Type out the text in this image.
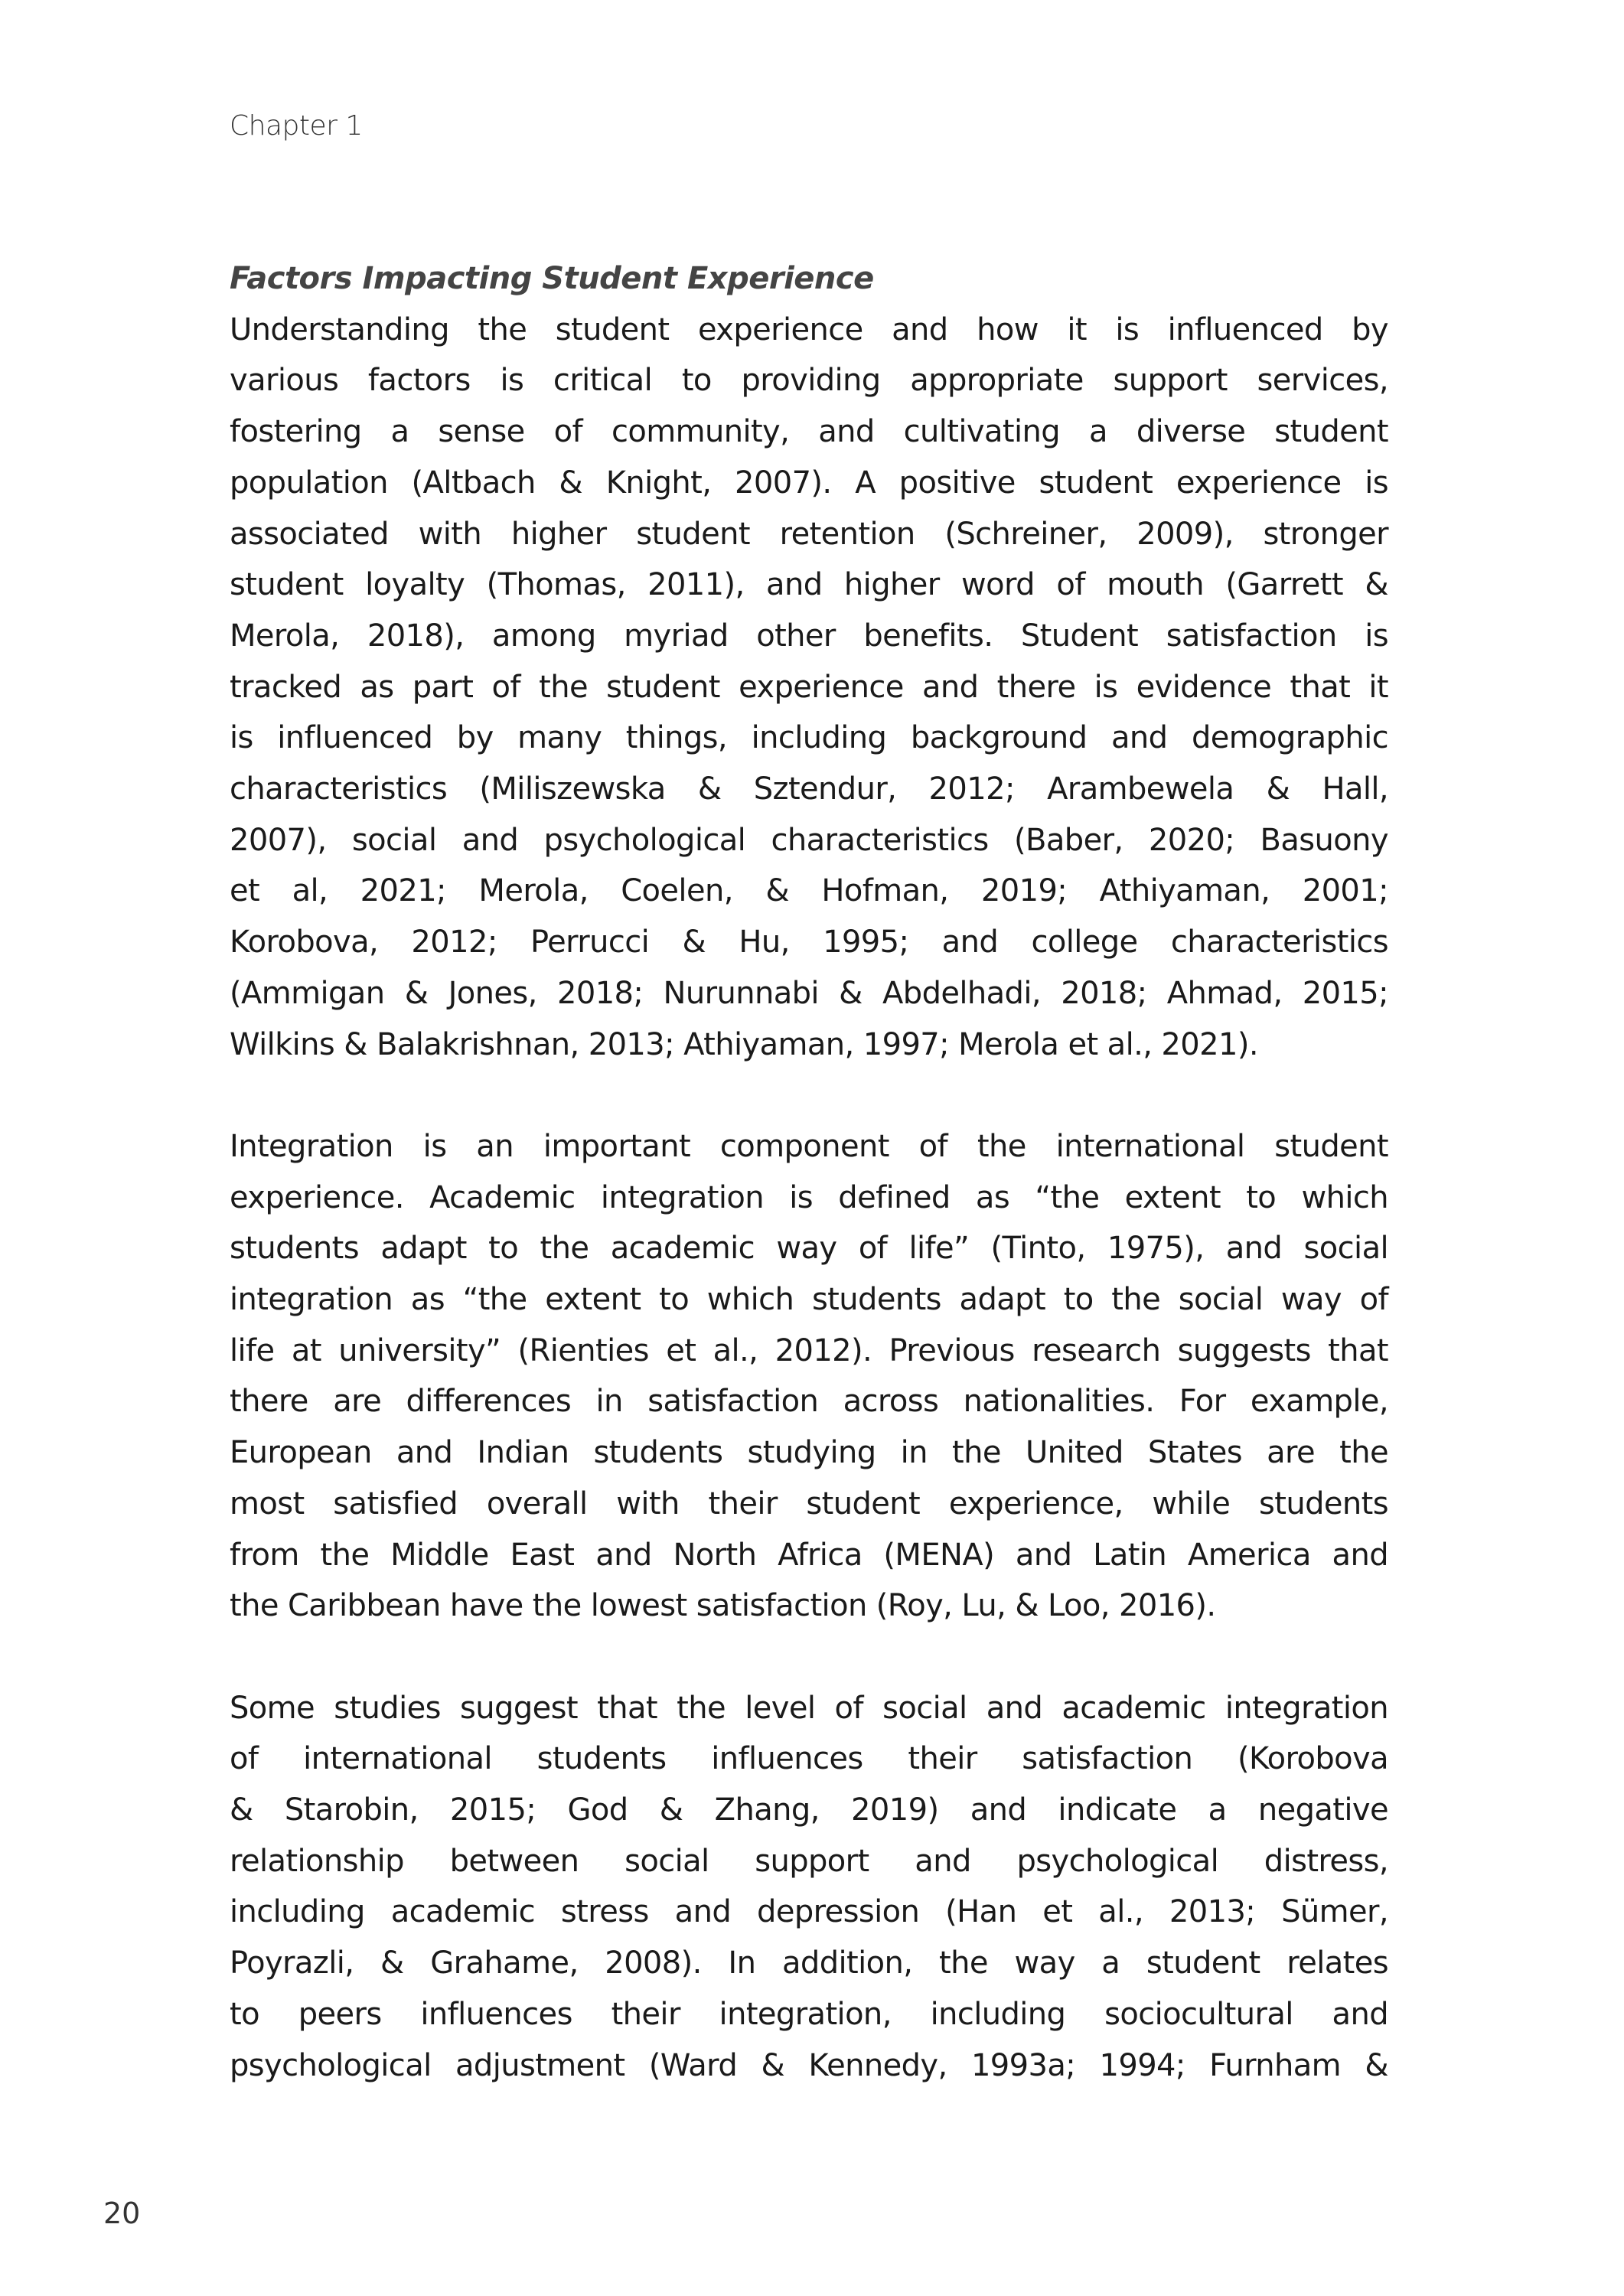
Chapter 1
Factors Impacting Student Experience
Understanding the student experience and how it is influenced by
various factors is critical to providing appropriate support services,
fostering a sense of community, and cultivating a diverse student
population (Altbach & Knight, 2007). A positive student experience is
associated with higher student retention (Schreiner, 2009), stronger
student loyalty (Thomas, 2011), and higher word of mouth (Garrett &
Merola, 2018), among myriad other benefits. Student satisfaction is
tracked as part of the student experience and there is evidence that it
is influenced by many things, including background and demographic
characteristics (Miliszewska & Sztendur, 2012; Arambewela & Hall,
2007), social and psychological characteristics (Baber, 2020; Basuony
et al, 2021; Merola, Coelen, & Hofman, 2019; Athiyaman, 2001;
Korobova, 2012; Perrucci & Hu, 1995; and college characteristics
(Ammigan & Jones, 2018; Nurunnabi & Abdelhadi, 2018; Ahmad, 2015;
Wilkins & Balakrishnan, 2013; Athiyaman, 1997; Merola et al., 2021).
Integration is an important component of the international student
experience. Academic integration is defined as “the extent to which
students adapt to the academic way of life” (Tinto, 1975), and social
integration as “the extent to which students adapt to the social way of
life at university” (Rienties et al., 2012). Previous research suggests that
there are differences in satisfaction across nationalities. For example,
European and Indian students studying in the United States are the
most satisfied overall with their student experience, while students
from the Middle East and North Africa (MENA) and Latin America and
the Caribbean have the lowest satisfaction (Roy, Lu, & Loo, 2016).
Some studies suggest that the level of social and academic integration
of international students influences their satisfaction (Korobova
& Starobin, 2015; God & Zhang, 2019) and indicate a negative
relationship between social support and psychological distress,
including academic stress and depression (Han et al., 2013; Sümer,
Poyrazli, & Grahame, 2008). In addition, the way a student relates
to peers influences their integration, including sociocultural and
psychological adjustment (Ward & Kennedy, 1993a; 1994; Furnham &
20
